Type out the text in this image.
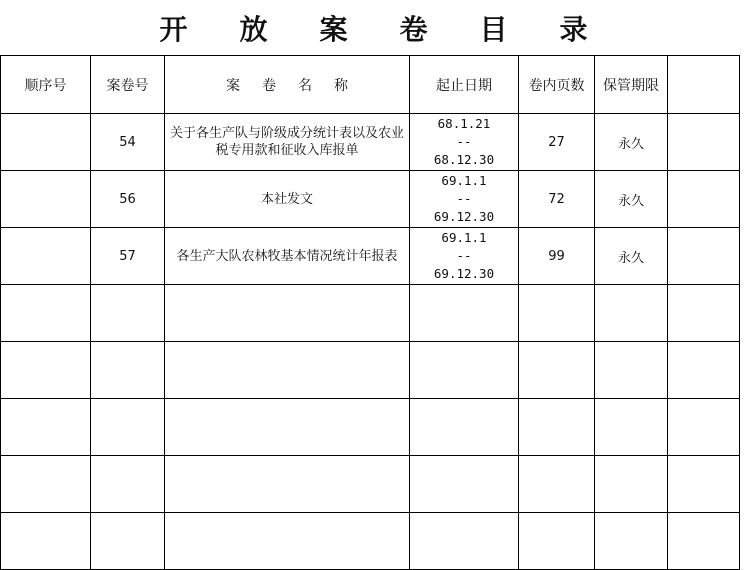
开放案卷目录
顺序号	案卷号	案卷名称	起止日期	卷内页数	保管期限	
	54	关于各生产队与阶级成分统计表以及农业税专用款和征收入库报单	68.1.21
--
68.12.30	27	永久	
	56	本社发文	69.1.1
--
69.12.30	72	永久	
	57	各生产大队农林牧基本情况统计年报表	69.1.1
--
69.12.30	99	永久	
